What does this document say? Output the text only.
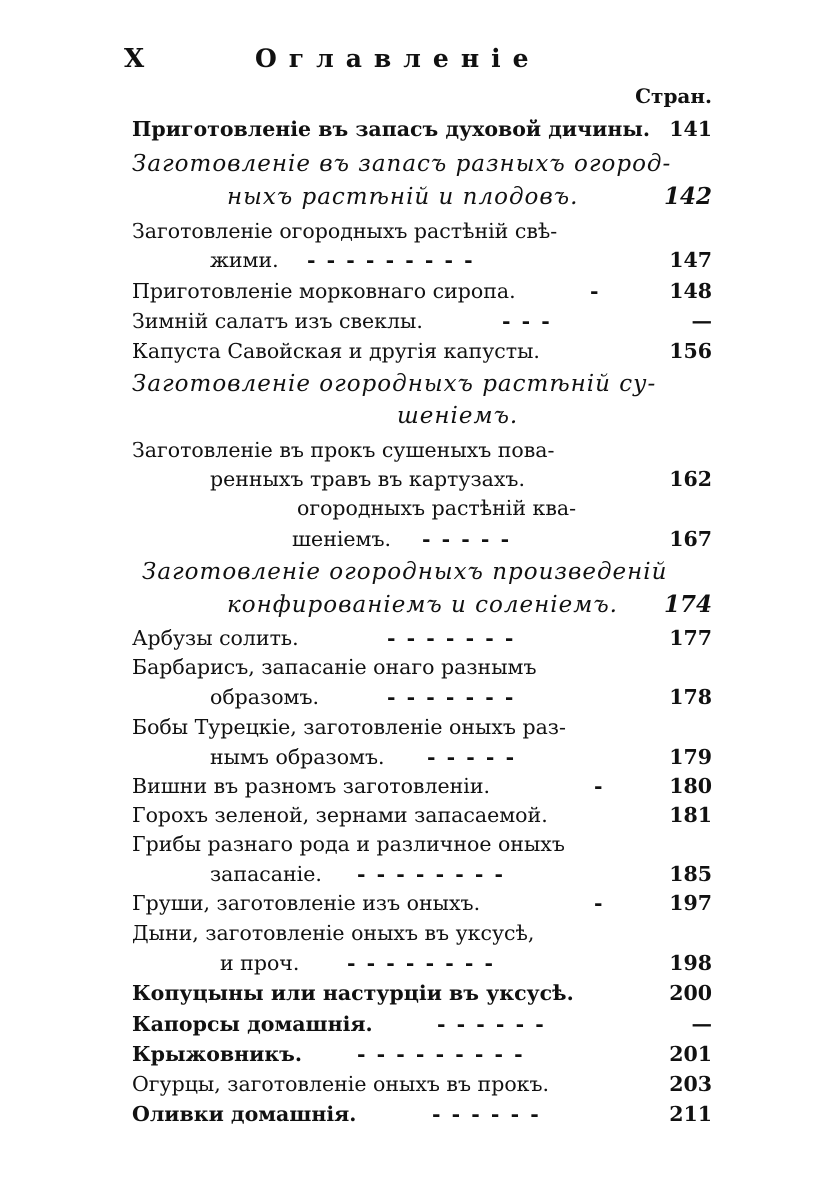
X	Оглавленіе
Стран.
Приготовленіе въ запасъ духовой дичины. 141
Заготовленіе въ запасъ разныхъ огород-
ныхъ растѣній и плодовъ.	142
Заготовленіе огородныхъ растѣній свѣ-
жими. - - - - - - - - -	147
Приготовленіе морковнаго сиропа.	-	148
Зимній салатъ изъ свеклы.	- - -	—
Капуста Савойская и другія капусты.	156
Заготовленіе огородныхъ растѣній су-
шеніемъ.
Заготовленіе въ прокъ сушеныхъ пова-
ренныхъ травъ въ картузахъ.	162
огородныхъ растѣній ква-
шеніемъ. - - - - -	167
Заготовленіе огородныхъ произведеній
конфированіемъ и соленіемъ.	174
Арбузы солить.	- - - - - - -	177
Барбарисъ, запасаніе онаго разнымъ
образомъ.	- - - - - - -	178
Бобы Турецкіе, заготовленіе оныхъ раз-
нымъ образомъ. - - - - -	179
Вишни въ разномъ заготовленіи.	-	180
Горохъ зеленой, зернами запасаемой.	181
Грибы разнаго рода и различное оныхъ
запасаніе. - - - - - - - -	185
Груши, заготовленіе изъ оныхъ.	-	197
Дыни, заготовленіе оныхъ въ уксусѣ,
и проч. - - - - - - - -	198
Копуцыны или настурціи въ уксусѣ.	200
Капорсы домашнія.	- - - - - -	—
Крыжовникъ.	- - - - - - - - -	201
Огурцы, заготовленіе оныхъ въ прокъ.	203
Оливки домашнія.	- - - - - -	211
